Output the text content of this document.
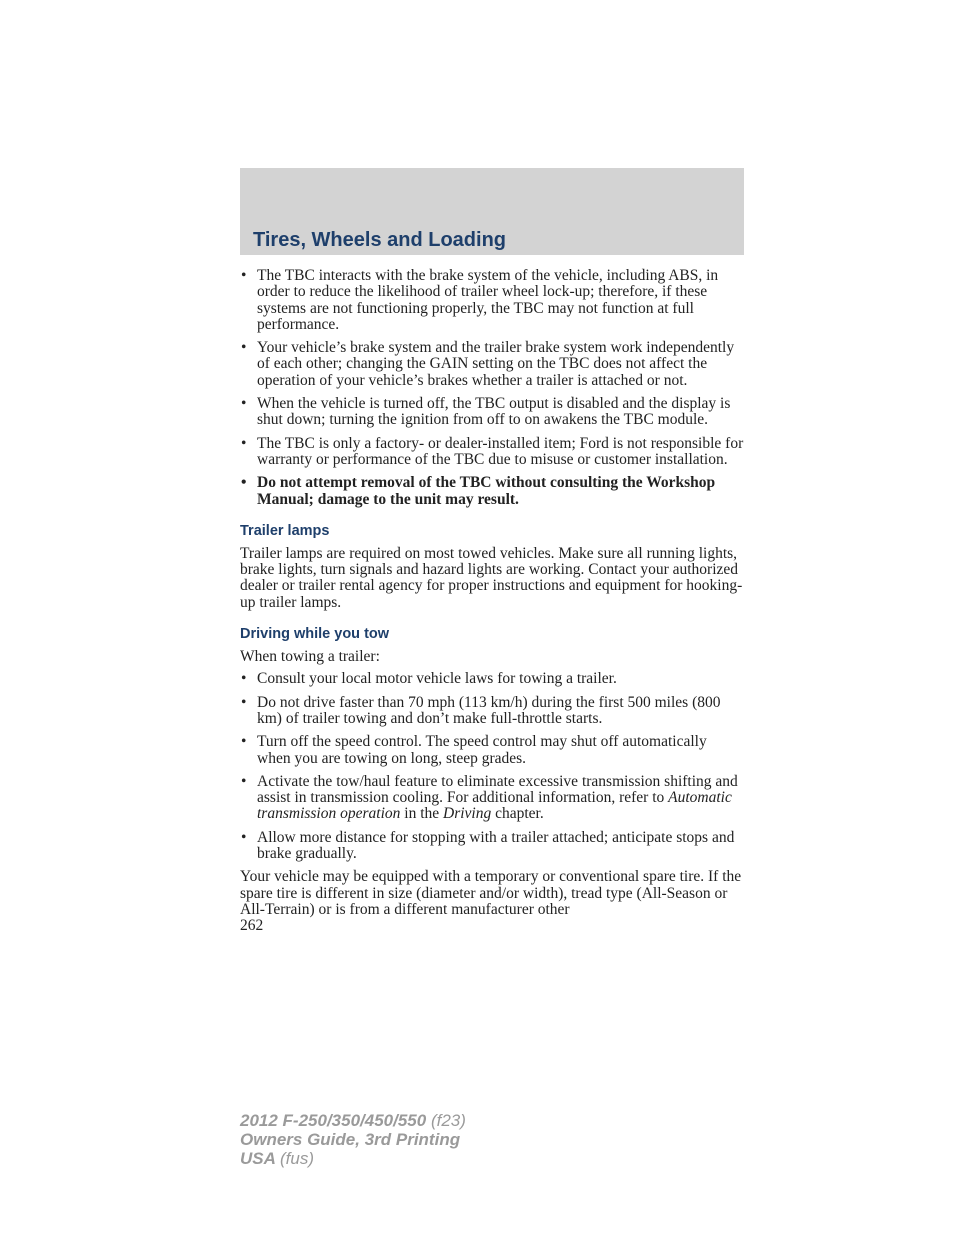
Tires, Wheels and Loading
• The TBC interacts with the brake system of the vehicle, including ABS, in order to reduce the likelihood of trailer wheel lock-up; therefore, if these systems are not functioning properly, the TBC may not function at full performance.
• Your vehicle’s brake system and the trailer brake system work independently of each other; changing the GAIN setting on the TBC does not affect the operation of your vehicle’s brakes whether a trailer is attached or not.
• When the vehicle is turned off, the TBC output is disabled and the display is shut down; turning the ignition from off to on awakens the TBC module.
• The TBC is only a factory- or dealer-installed item; Ford is not responsible for warranty or performance of the TBC due to misuse or customer installation.
• Do not attempt removal of the TBC without consulting the Workshop Manual; damage to the unit may result.
Trailer lamps

Trailer lamps are required on most towed vehicles. Make sure all running lights, brake lights, turn signals and hazard lights are working. Contact your authorized dealer or trailer rental agency for proper instructions and equipment for hooking-up trailer lamps.

Driving while you tow

When towing a trailer:

• Consult your local motor vehicle laws for towing a trailer.
• Do not drive faster than 70 mph (113 km/h) during the first 500 miles (800 km) of trailer towing and don’t make full-throttle starts.
• Turn off the speed control. The speed control may shut off automatically when you are towing on long, steep grades.
• Activate the tow/haul feature to eliminate excessive transmission shifting and assist in transmission cooling. For additional information, refer to Automatic transmission operation in the Driving chapter.
• Allow more distance for stopping with a trailer attached; anticipate stops and brake gradually.

Your vehicle may be equipped with a temporary or conventional spare tire. If the spare tire is different in size (diameter and/or width), tread type (All-Season or All-Terrain) or is from a different manufacturer other

262
2012 F-250/350/450/550 (f23)
Owners Guide, 3rd Printing
USA (fus)
